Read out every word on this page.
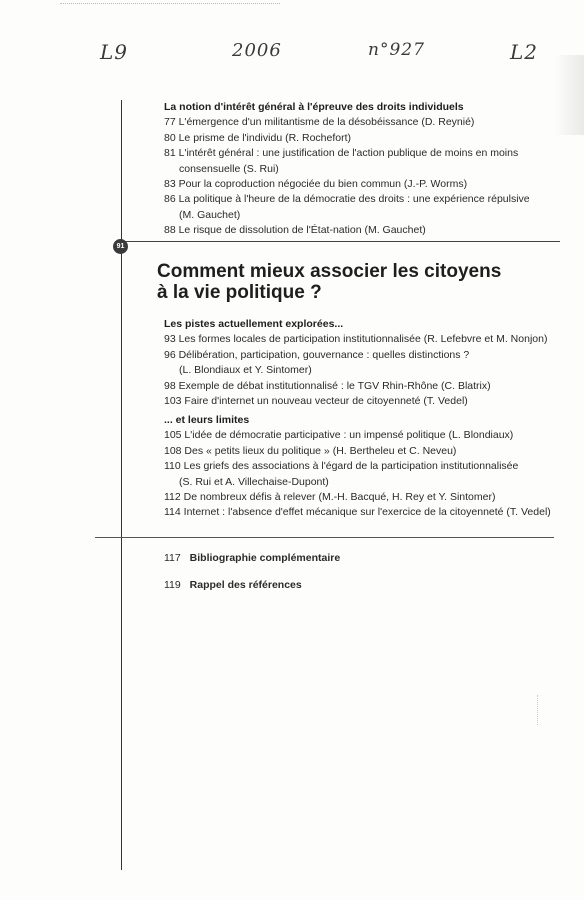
L9	2006	n°927	L2
91
La notion d'intérêt général à l'épreuve des droits individuels
77 L'émergence d'un militantisme de la désobéissance (D. Reynié)
80 Le prisme de l'individu (R. Rochefort)
81 L'intérêt général : une justification de l'action publique de moins en moins
consensuelle (S. Rui)
83 Pour la coproduction négociée du bien commun (J.-P. Worms)
86 La politique à l'heure de la démocratie des droits : une expérience répulsive
(M. Gauchet)
88 Le risque de dissolution de l'État-nation (M. Gauchet)
Comment mieux associer les citoyens
à la vie politique ?
Les pistes actuellement explorées...
93 Les formes locales de participation institutionnalisée (R. Lefebvre et M. Nonjon)
96 Délibération, participation, gouvernance : quelles distinctions ?
(L. Blondiaux et Y. Sintomer)
98 Exemple de débat institutionnalisé : le TGV Rhin-Rhône (C. Blatrix)
103 Faire d'internet un nouveau vecteur de citoyenneté (T. Vedel)
... et leurs limites
105 L'idée de démocratie participative : un impensé politique (L. Blondiaux)
108 Des « petits lieux du politique » (H. Bertheleu et C. Neveu)
110 Les griefs des associations à l'égard de la participation institutionnalisée
(S. Rui et A. Villechaise-Dupont)
112 De nombreux défis à relever (M.-H. Bacqué, H. Rey et Y. Sintomer)
114 Internet : l'absence d'effet mécanique sur l'exercice de la citoyenneté (T. Vedel)
117 Bibliographie complémentaire
119 Rappel des références
